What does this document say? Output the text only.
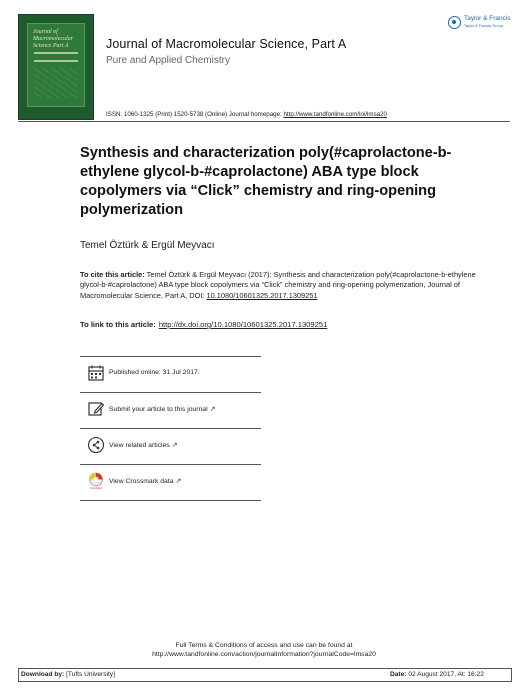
Journal of
Macromolecular
Science Part A	Journal of Macromolecular Science, Part A
Pure and Applied Chemistry
Taylor & Francis
Taylor & Francis Group
ISSN: 1060-1325 (Print) 1520-5738 (Online) Journal homepage: http://www.tandfonline.com/loi/lmsa20
Synthesis and characterization poly(#caprolactone-b-ethylene glycol-b-#caprolactone) ABA type block copolymers via “Click” chemistry and ring-opening polymerization
Temel Öztürk & Ergül Meyvacı
To cite this article: Temel Öztürk & Ergül Meyvacı (2017): Synthesis and characterization poly(#caprolactone-b-ethylene glycol-b-#caprolactone) ABA type block copolymers via “Click” chemistry and ring-opening polymerization, Journal of Macromolecular Science, Part A, DOI: 10.1080/10601325.2017.1309251
To link to this article: http://dx.doi.org/10.1080/10601325.2017.1309251
Published online: 31 Jul 2017.
Submit your article to this journal ↗
View related articles ↗
CrossMark
View Crossmark data ↗
Full Terms & Conditions of access and use can be found at
http://www.tandfonline.com/action/journalInformation?journalCode=lmsa20
Download by: [Tufts University]	Date: 02 August 2017, At: 16:22
